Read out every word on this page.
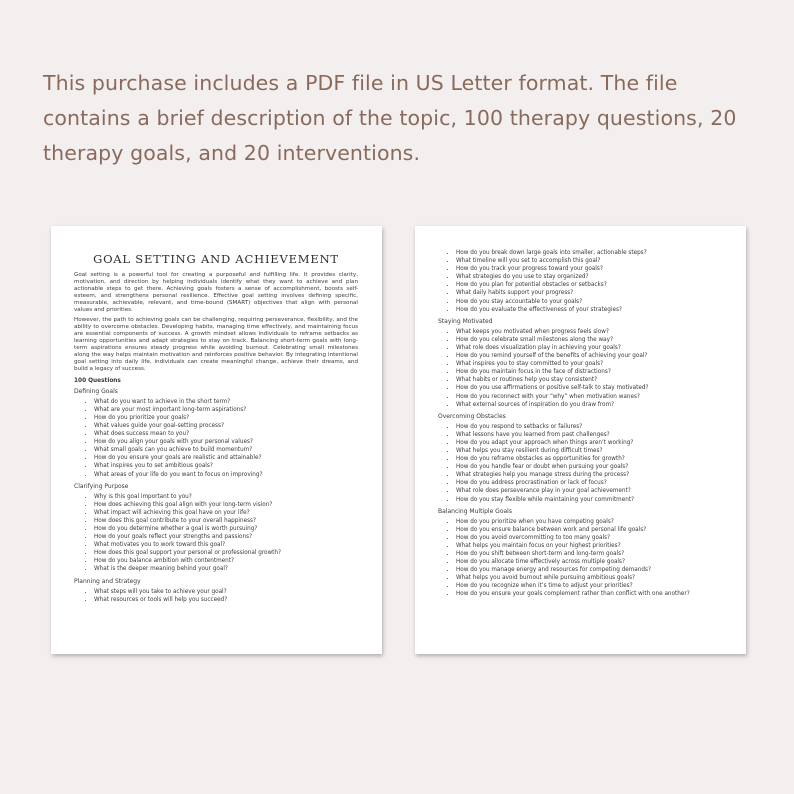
This purchase includes a PDF file in US Letter format. The file contains a brief description of the topic, 100 therapy questions, 20 therapy goals, and 20 interventions.
GOAL SETTING AND ACHIEVEMENT

Goal setting is a powerful tool for creating a purposeful and fulfilling life. It provides clarity, motivation, and direction by helping individuals identify what they want to achieve and plan actionable steps to get there. Achieving goals fosters a sense of accomplishment, boosts self-esteem, and strengthens personal resilience. Effective goal setting involves defining specific, measurable, achievable, relevant, and time-bound (SMART) objectives that align with personal values and priorities.

However, the path to achieving goals can be challenging, requiring perseverance, flexibility, and the ability to overcome obstacles. Developing habits, managing time effectively, and maintaining focus are essential components of success. A growth mindset allows individuals to reframe setbacks as learning opportunities and adapt strategies to stay on track. Balancing short-term goals with long-term aspirations ensures steady progress while avoiding burnout. Celebrating small milestones along the way helps maintain motivation and reinforces positive behavior. By integrating intentional goal setting into daily life, individuals can create meaningful change, achieve their dreams, and build a legacy of success.

100 Questions
Defining Goals
• What do you want to achieve in the short term?
• What are your most important long-term aspirations?
• How do you prioritize your goals?
• What values guide your goal-setting process?
• What does success mean to you?
• How do you align your goals with your personal values?
• What small goals can you achieve to build momentum?
• How do you ensure your goals are realistic and attainable?
• What inspires you to set ambitious goals?
• What areas of your life do you want to focus on improving?
Clarifying Purpose
• Why is this goal important to you?
• How does achieving this goal align with your long-term vision?
• What impact will achieving this goal have on your life?
• How does this goal contribute to your overall happiness?
• How do you determine whether a goal is worth pursuing?
• How do your goals reflect your strengths and passions?
• What motivates you to work toward this goal?
• How does this goal support your personal or professional growth?
• How do you balance ambition with contentment?
• What is the deeper meaning behind your goal?
Planning and Strategy
• What steps will you take to achieve your goal?
• What resources or tools will help you succeed?
• How do you break down large goals into smaller, actionable steps?
• What timeline will you set to accomplish this goal?
• How do you track your progress toward your goals?
• What strategies do you use to stay organized?
• How do you plan for potential obstacles or setbacks?
• What daily habits support your progress?
• How do you stay accountable to your goals?
• How do you evaluate the effectiveness of your strategies?
Staying Motivated
• What keeps you motivated when progress feels slow?
• How do you celebrate small milestones along the way?
• What role does visualization play in achieving your goals?
• How do you remind yourself of the benefits of achieving your goal?
• What inspires you to stay committed to your goals?
• How do you maintain focus in the face of distractions?
• What habits or routines help you stay consistent?
• How do you use affirmations or positive self-talk to stay motivated?
• How do you reconnect with your “why” when motivation wanes?
• What external sources of inspiration do you draw from?
Overcoming Obstacles
• How do you respond to setbacks or failures?
• What lessons have you learned from past challenges?
• How do you adapt your approach when things aren’t working?
• What helps you stay resilient during difficult times?
• How do you reframe obstacles as opportunities for growth?
• How do you handle fear or doubt when pursuing your goals?
• What strategies help you manage stress during the process?
• How do you address procrastination or lack of focus?
• What role does perseverance play in your goal achievement?
• How do you stay flexible while maintaining your commitment?
Balancing Multiple Goals
• How do you prioritize when you have competing goals?
• How do you ensure balance between work and personal life goals?
• How do you avoid overcommitting to too many goals?
• What helps you maintain focus on your highest priorities?
• How do you shift between short-term and long-term goals?
• How do you allocate time effectively across multiple goals?
• How do you manage energy and resources for competing demands?
• What helps you avoid burnout while pursuing ambitious goals?
• How do you recognize when it’s time to adjust your priorities?
• How do you ensure your goals complement rather than conflict with one another?
